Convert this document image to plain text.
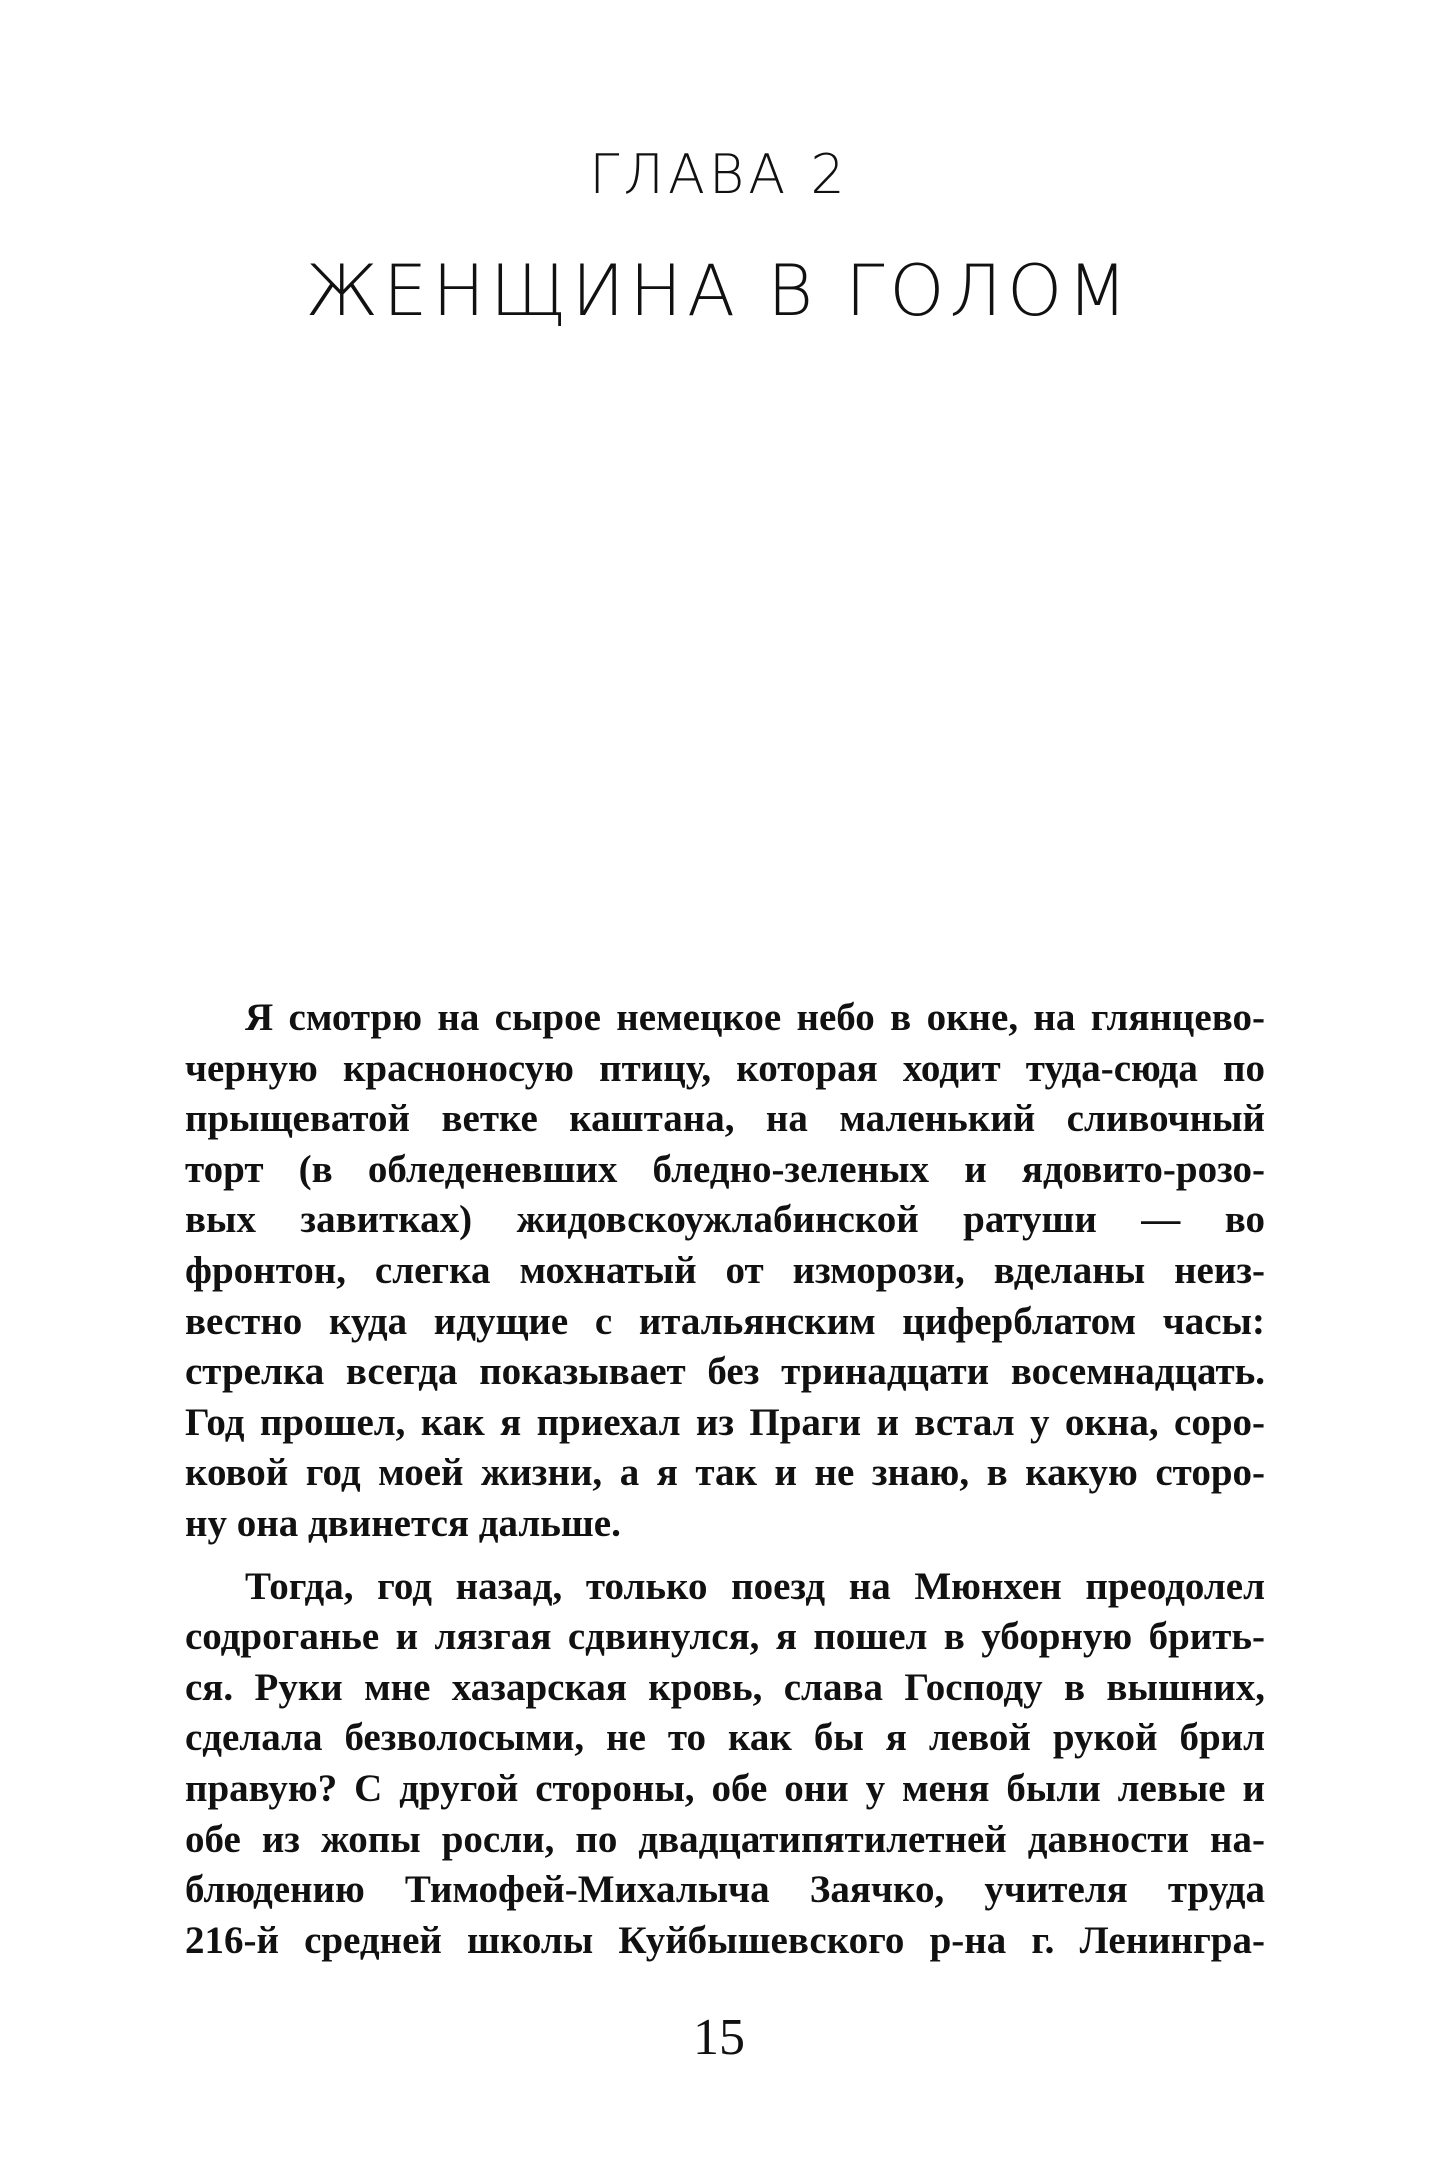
ГЛАВА 2
ЖЕНЩИНА В ГОЛОМ
Я смотрю на сырое немецкое небо в окне, на глянцево-
черную красноносую птицу, которая ходит туда-сюда по
прыщеватой ветке каштана, на маленький сливочный
торт (в обледеневших бледно-зеленых и ядовито-розо-
вых завитках) жидовскоужлабинской ратуши — во
фронтон, слегка мохнатый от изморози, вделаны неиз-
вестно куда идущие с итальянским циферблатом часы:
стрелка всегда показывает без тринадцати восемнадцать.
Год прошел, как я приехал из Праги и встал у окна, соро-
ковой год моей жизни, а я так и не знаю, в какую сторо-
ну она двинется дальше.
Тогда, год назад, только поезд на Мюнхен преодолел
содроганье и лязгая сдвинулся, я пошел в уборную брить-
ся. Руки мне хазарская кровь, слава Господу в вышних,
сделала безволосыми, не то как бы я левой рукой брил
правую? С другой стороны, обе они у меня были левые и
обе из жопы росли, по двадцатипятилетней давности на-
блюдению Тимофей-Михалыча Заячко, учителя труда
216-й средней школы Куйбышевского р-на г. Ленингра-
15
